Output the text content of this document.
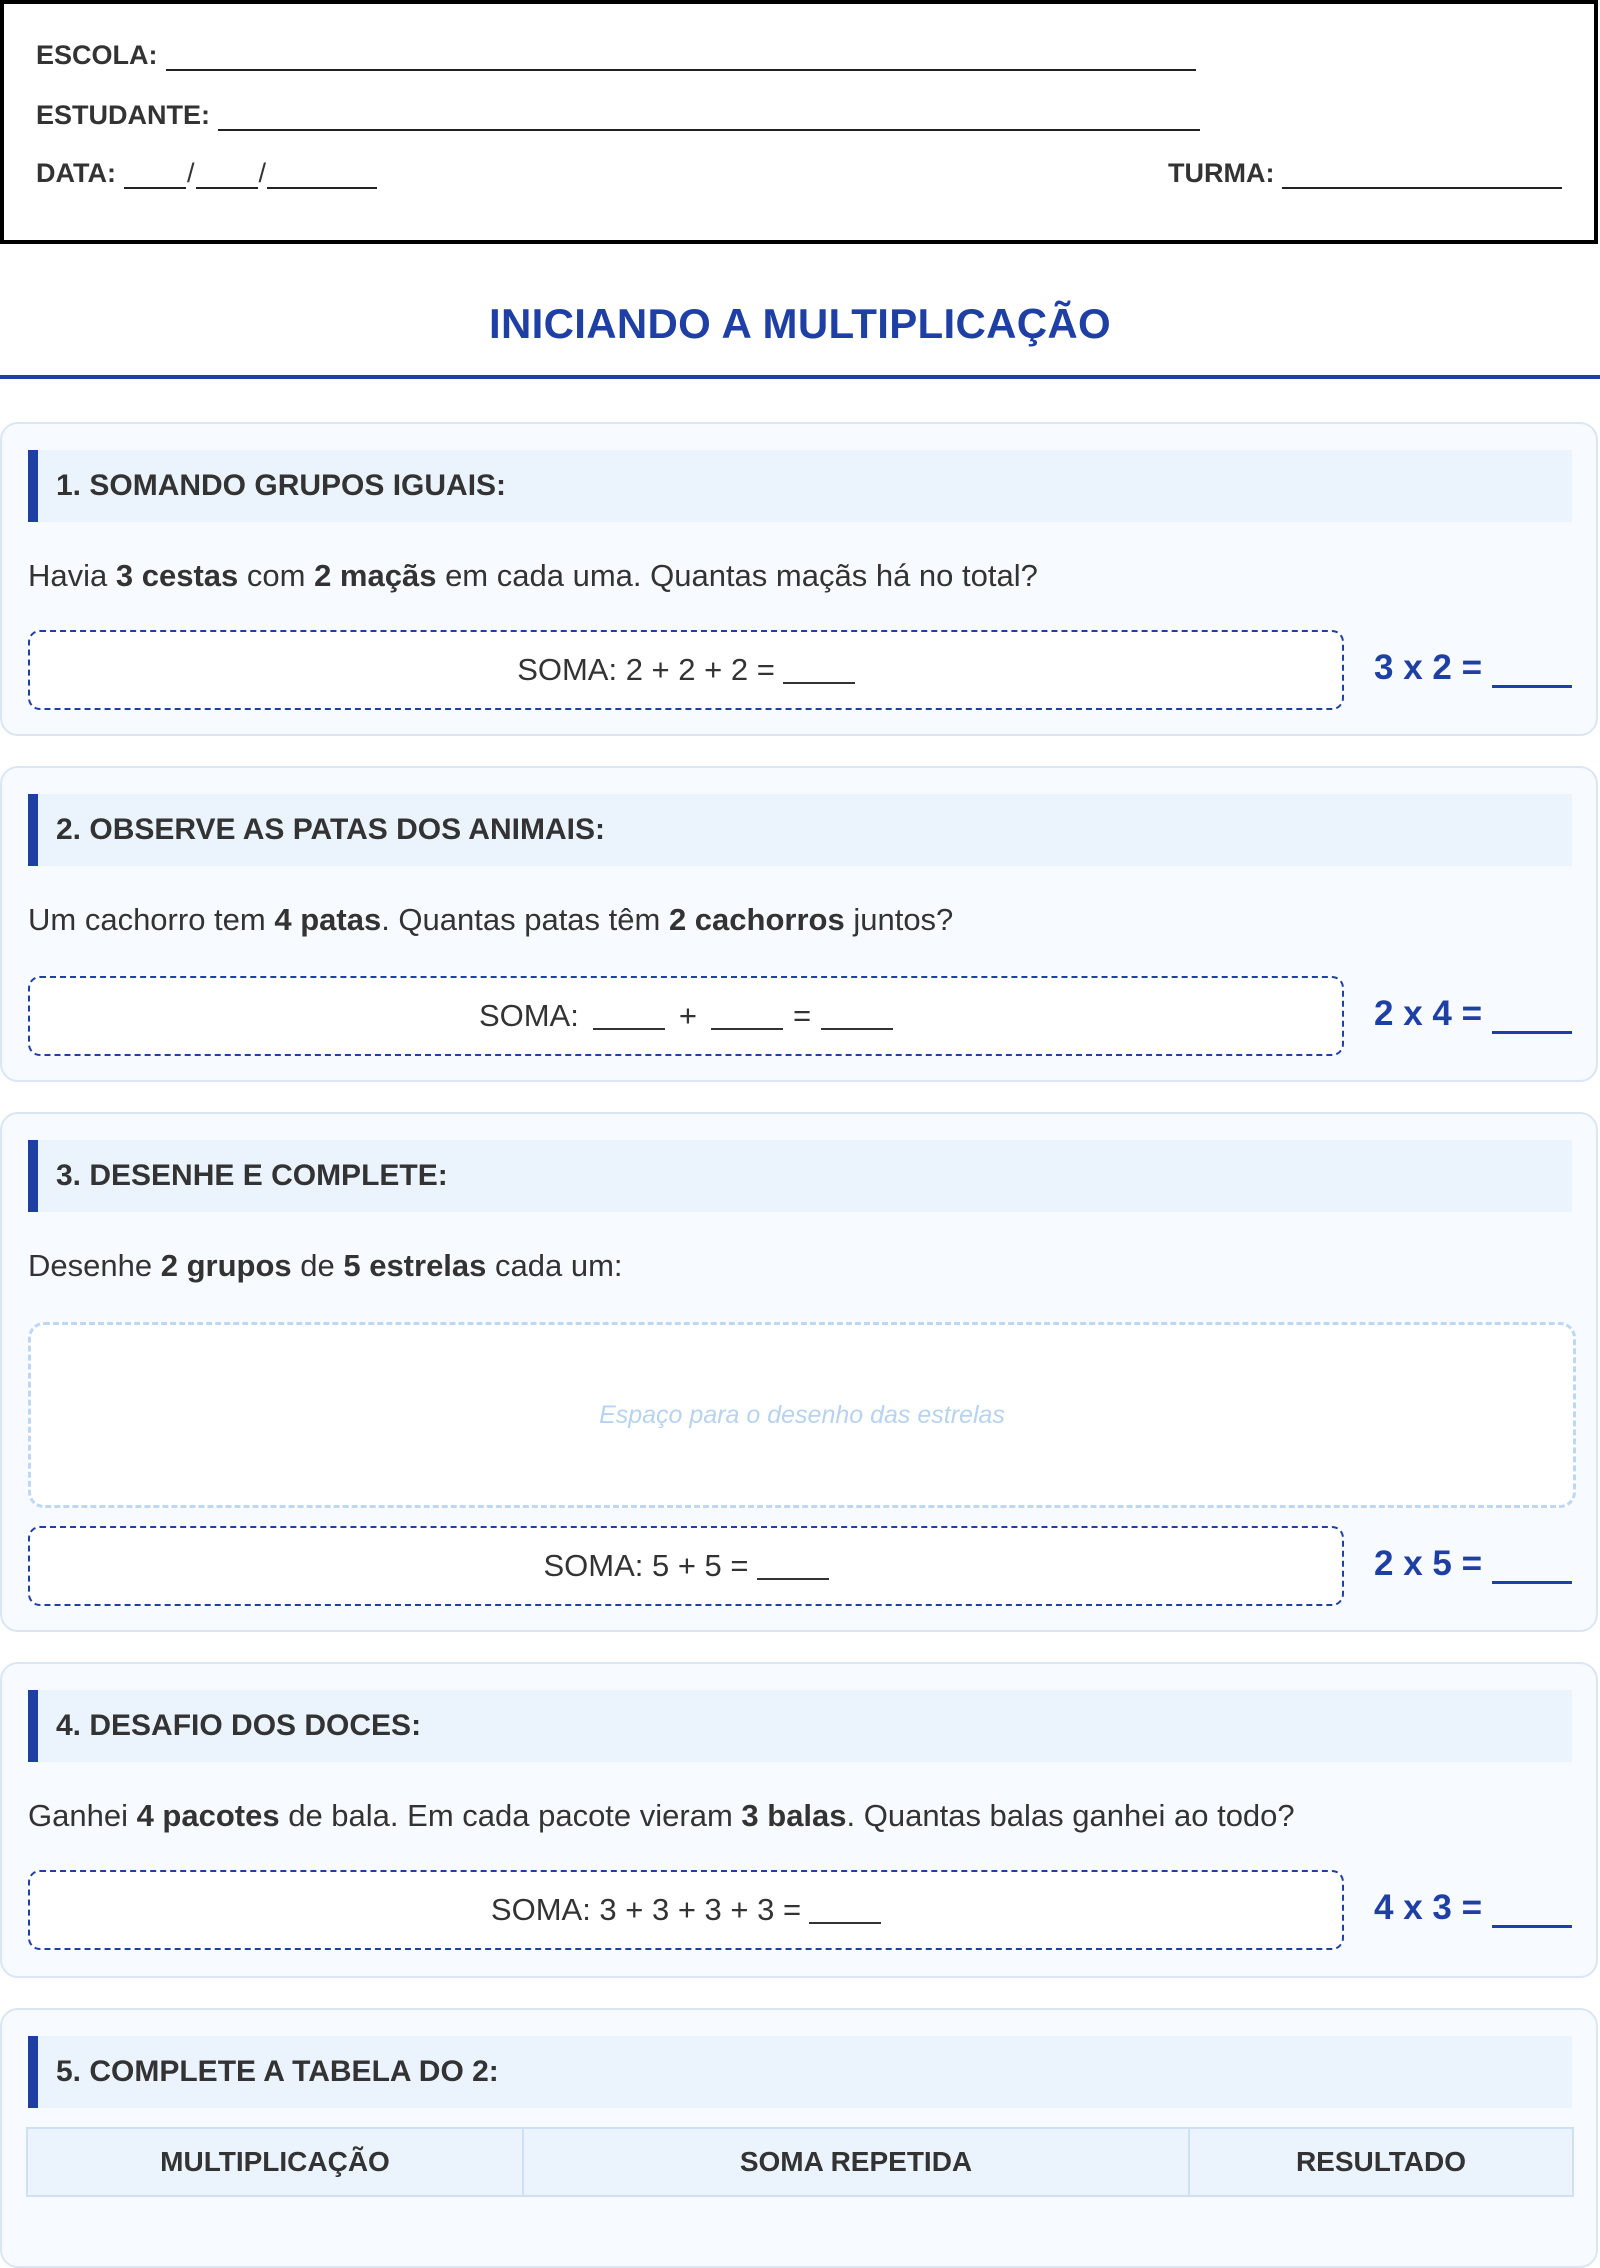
ESCOLA:
ESTUDANTE:
DATA:	/ /	TURMA:
INICIANDO A MULTIPLICAÇÃO
1. SOMANDO GRUPOS IGUAIS:
Havia 3 cestas com 2 maçãs em cada uma. Quantas maçãs há no total?
SOMA: 2 + 2 + 2 =	3 x 2 =
2. OBSERVE AS PATAS DOS ANIMAIS:
Um cachorro tem 4 patas. Quantas patas têm 2 cachorros juntos?
SOMA:	+	=	2 x 4 =
3. DESENHE E COMPLETE:
Desenhe 2 grupos de 5 estrelas cada um:
Espaço para o desenho das estrelas
SOMA: 5 + 5 =	2 x 5 =
4. DESAFIO DOS DOCES:
Ganhei 4 pacotes de bala. Em cada pacote vieram 3 balas. Quantas balas ganhei ao todo?
SOMA: 3 + 3 + 3 + 3 =	4 x 3 =
5. COMPLETE A TABELA DO 2:
MULTIPLICAÇÃO	SOMA REPETIDA	RESULTADO
